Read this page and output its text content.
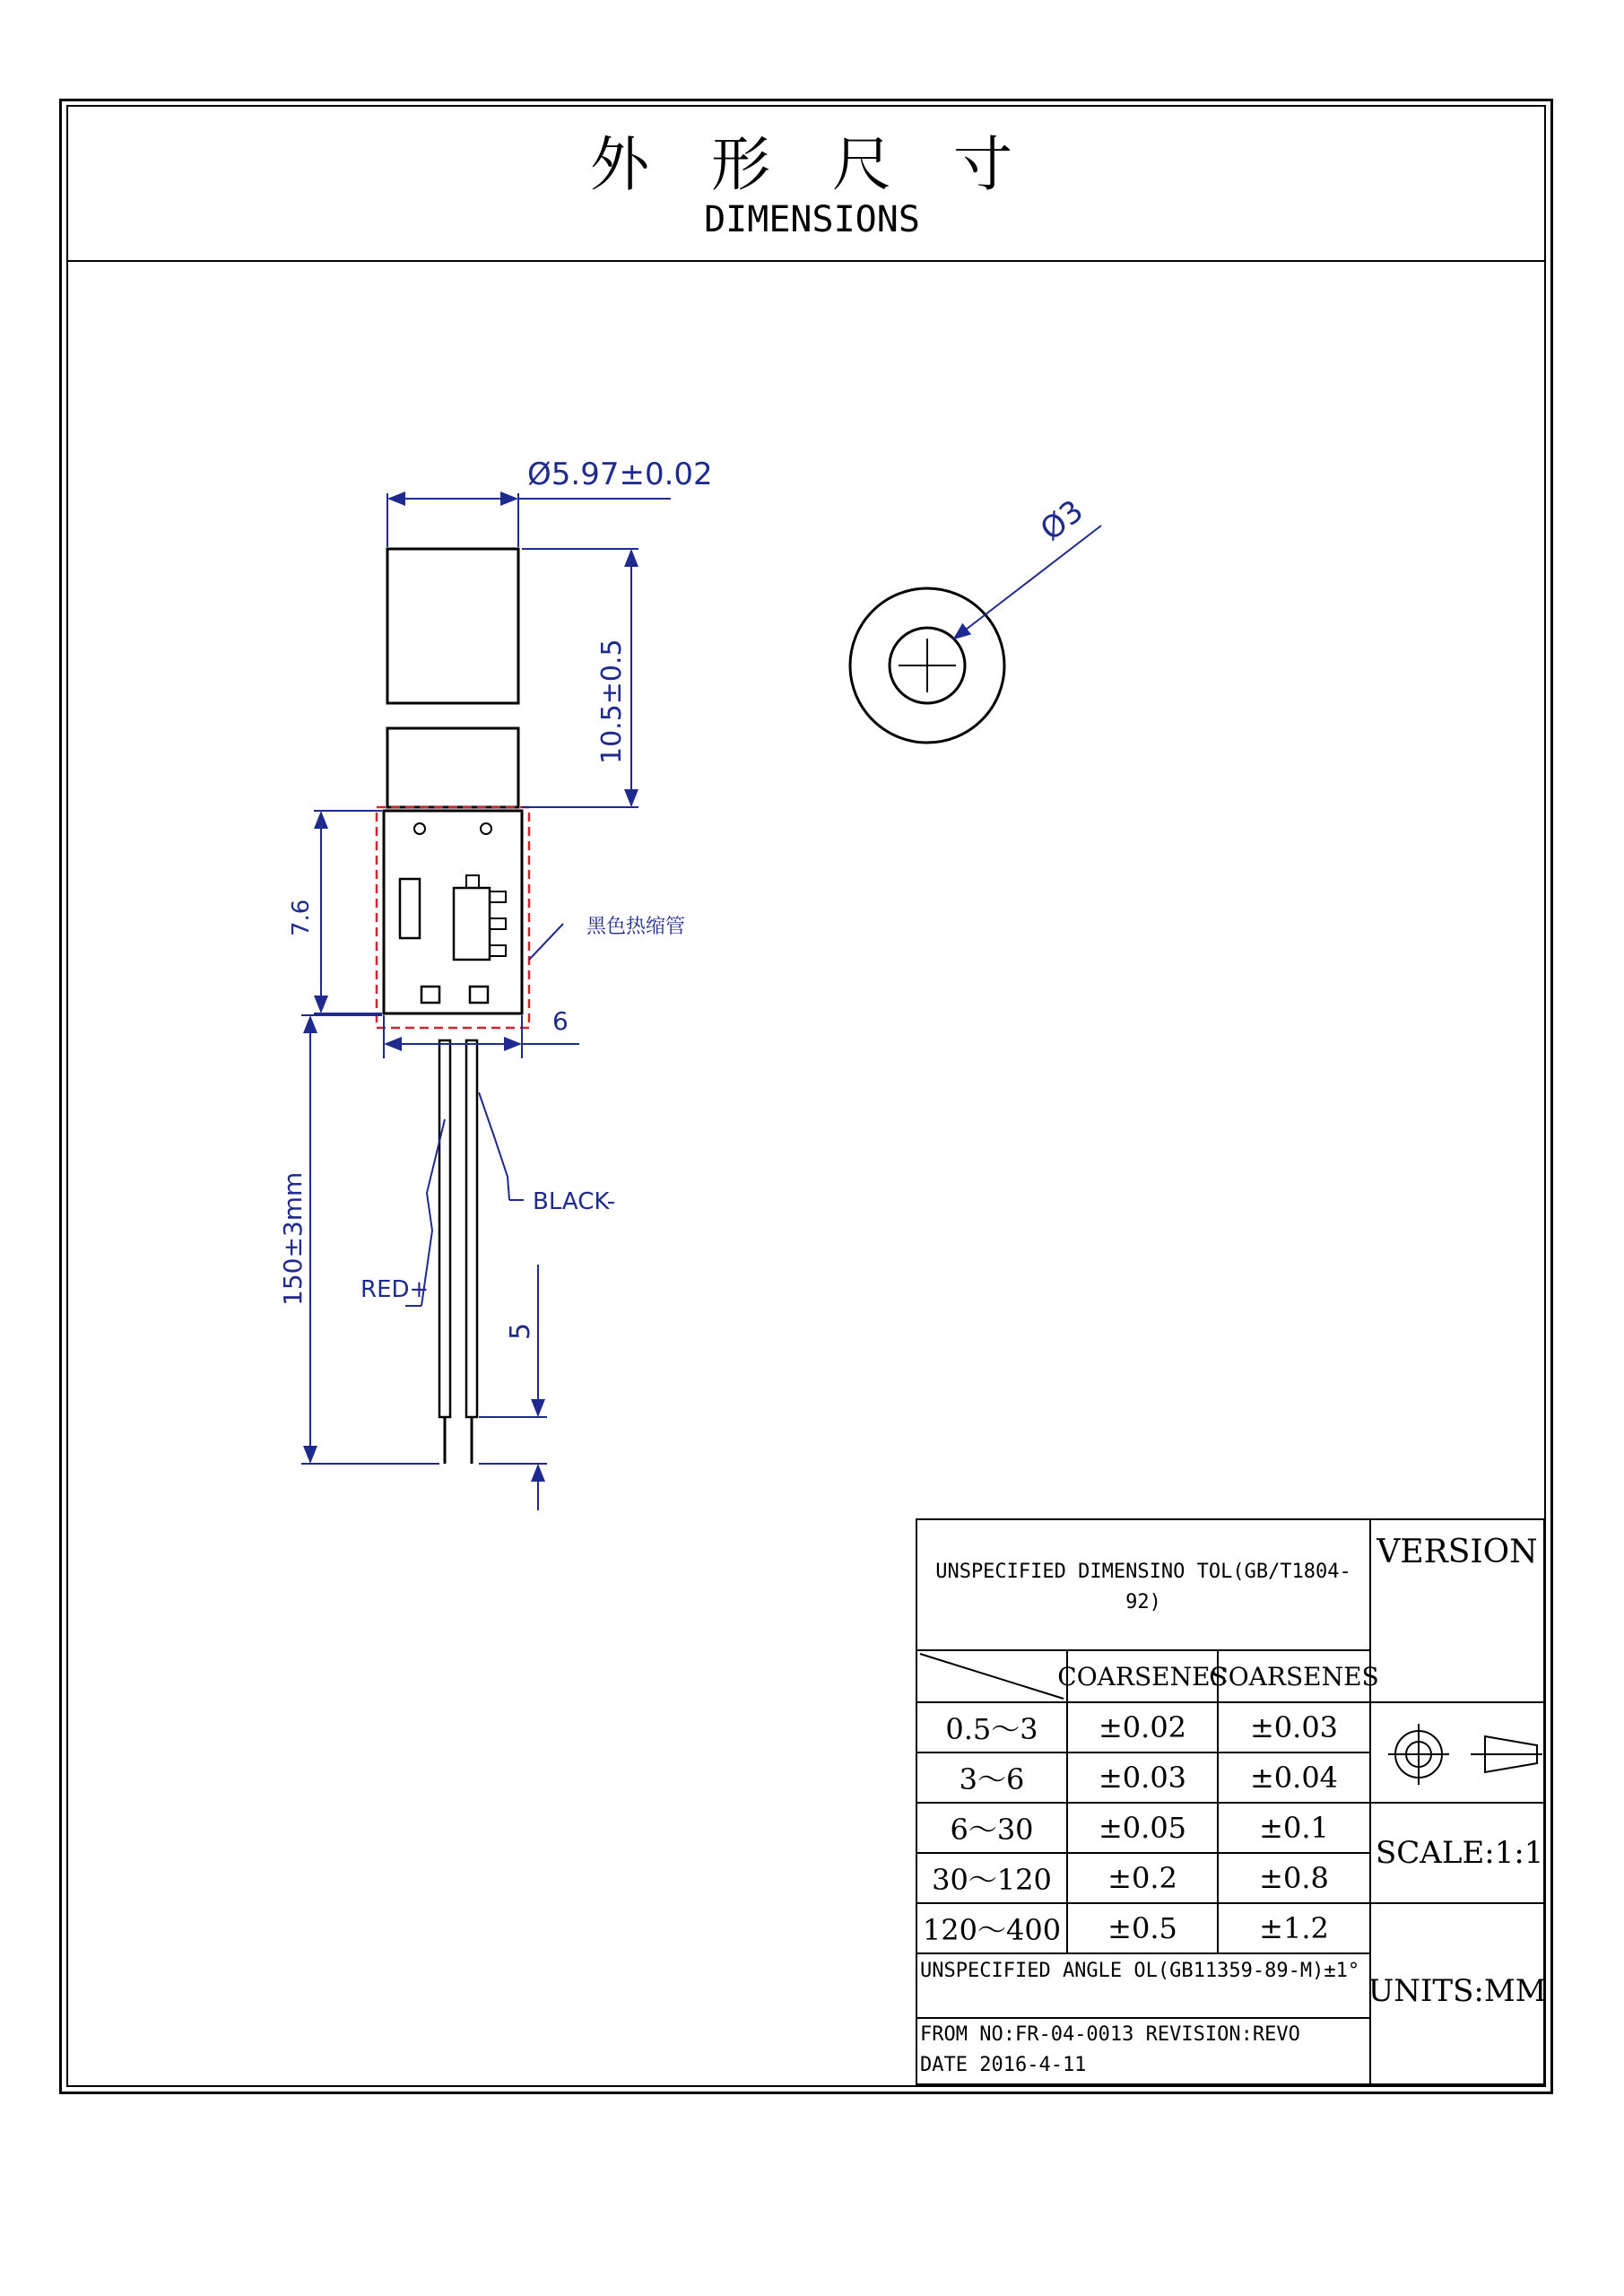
外 形 尺 寸
DIMENSIONS
Ø5.97±0.02
10.5±0.5
7.6
6
黑色热缩管
150±3mm
5
RED+
BLACK-
Ø3
UNSPECIFIED DIMENSINO TOL(GB/T1804-92)
VERSION
COARSENES
COARSENES
0.5～3	±0.02	±0.03
3～6	±0.03	±0.04
6～30	±0.05	±0.1
30～120	±0.2	±0.8
120～400	±0.5	±1.2
SCALE:1:1
UNSPECIFIED ANGLE OL(GB11359-89-M)±1°
UNITS:MM
FROM NO:FR-04-0013 REVISION:REVO
DATE 2016-4-11
